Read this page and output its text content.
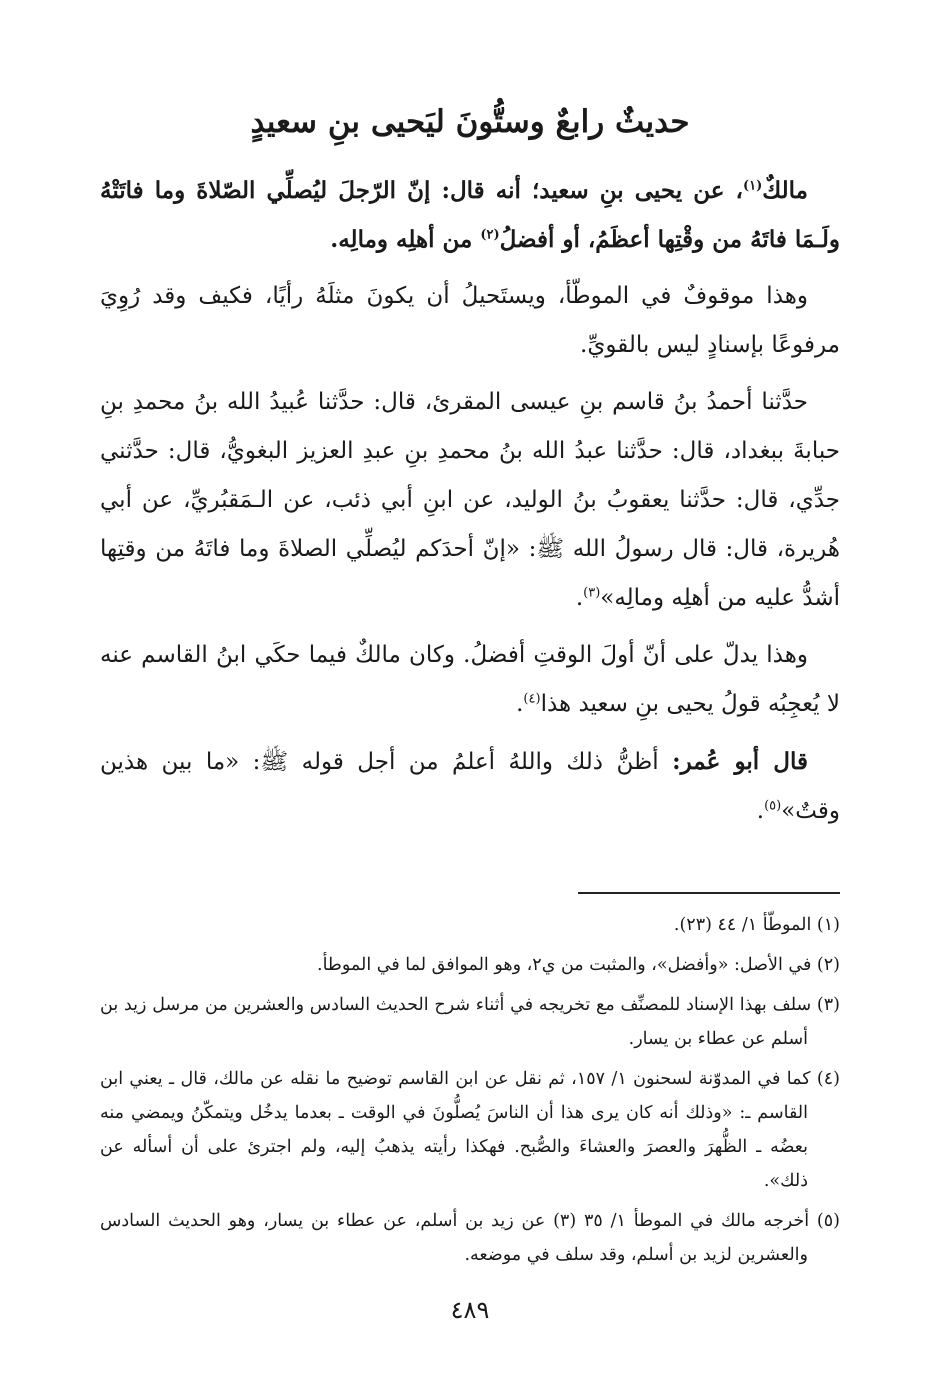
حديثٌ رابعٌ وستُّونَ ليَحيى بنِ سعيدٍ

مالكٌ$^{(١)}$، عن يحيى بنِ سعيد؛ أنه قال: إنّ الرّجلَ ليُصلِّي الصّلاةَ وما فاتَتْهُ ولَـمَا فاتَهُ من وقْتِها أعظَمُ، أو أفضلُ$^{(٢)}$ من أهلِه ومالِه.

وهذا موقوفٌ في الموطّأ، ويستَحيلُ أن يكونَ مثلَهُ رأيًا، فكيف وقد رُوِيَ مرفوعًا بإسنادٍ ليس بالقويِّ.

حدَّثنا أحمدُ بنُ قاسم بنِ عيسى المقرئ، قال: حدَّثنا عُبيدُ الله بنُ محمدِ بنِ حبابةَ ببغداد، قال: حدَّثنا عبدُ الله بنُ محمدِ بنِ عبدِ العزيز البغويُّ، قال: حدَّثني جدِّي، قال: حدَّثنا يعقوبُ بنُ الوليد، عن ابنِ أبي ذئب، عن الـمَقبُريِّ، عن أبي هُريرة، قال: قال رسولُ الله ﷺ: «إنّ أحدَكم ليُصلِّي الصلاةَ وما فاتَهُ من وقتِها أشدُّ عليه من أهلِه ومالِه»$^{(٣)}$.

وهذا يدلّ على أنّ أولَ الوقتِ أفضلُ. وكان مالكٌ فيما حكَي ابنُ القاسم عنه لا يُعجِبُه قولُ يحيى بنِ سعيد هذا$^{(٤)}$.

قال أبو عُمر: أظنُّ ذلك واللهُ أعلمُ من أجل قوله ﷺ: «ما بين هذين وقتٌ»$^{(٥)}$.

(١) الموطّأ ١/ ٤٤ (٢٣).
(٢) في الأصل: «وأفضل»، والمثبت من ي٢، وهو الموافق لما في الموطأ.
(٣) سلف بهذا الإسناد للمصنِّف مع تخريجه في أثناء شرح الحديث السادس والعشرين من مرسل زيد بن أسلم عن عطاء بن يسار.
(٤) كما في المدوّنة لسحنون ١/ ١٥٧، ثم نقل عن ابن القاسم توضيح ما نقله عن مالك، قال ـ يعني ابن القاسم ـ: «وذلك أنه كان يرى هذا أن الناسَ يُصلُّونَ في الوقت ـ بعدما يدخُل ويتمكّنُ ويمضي منه بعضُه ـ الظُّهرَ والعصرَ والعشاءَ والصُّبح. فهكذا رأيته يذهبُ إليه، ولم اجترئ على أن أسأله عن ذلك».
(٥) أخرجه مالك في الموطأ ١/ ٣٥ (٣) عن زيد بن أسلم، عن عطاء بن يسار، وهو الحديث السادس والعشرين لزيد بن أسلم، وقد سلف في موضعه.
٤٨٩
